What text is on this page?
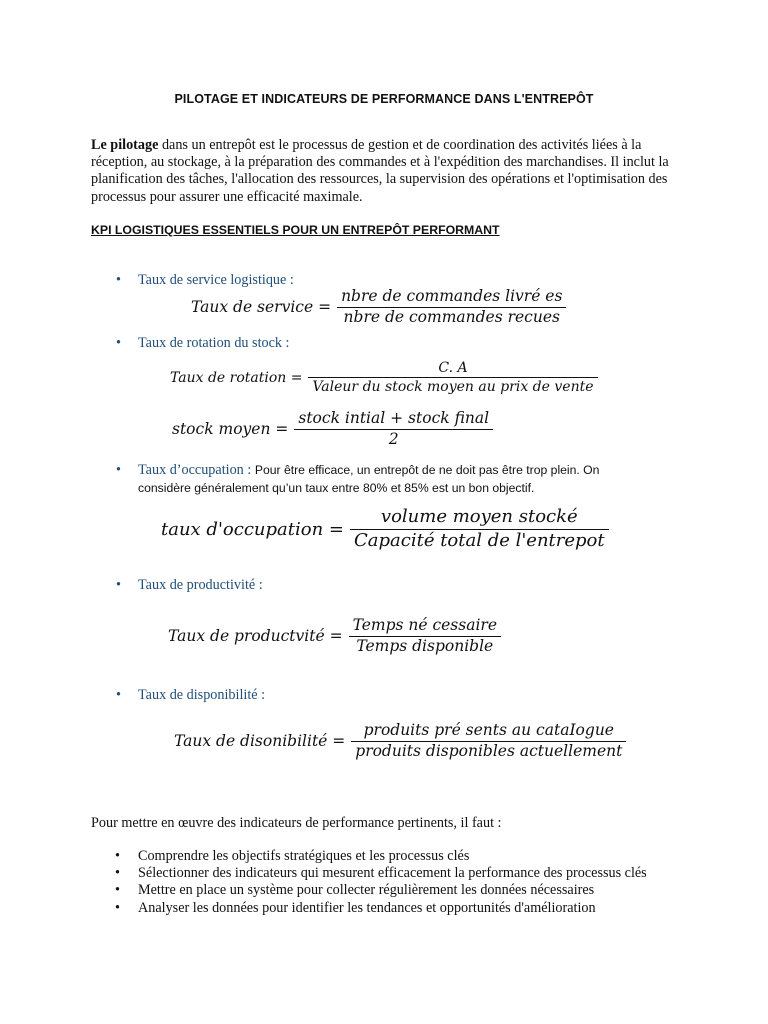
PILOTAGE ET INDICATEURS DE PERFORMANCE DANS L'ENTREPÔT
Le pilotage dans un entrepôt est le processus de gestion et de coordination des activités liées à la réception, au stockage, à la préparation des commandes et à l'expédition des marchandises. Il inclut la planification des tâches, l'allocation des ressources, la supervision des opérations et l'optimisation des processus pour assurer une efficacité maximale.
KPI LOGISTIQUES ESSENTIELS POUR UN ENTREPÔT PERFORMANT
• Taux de service logistique :
Taux de service = $\frac{\text{nbre de commandes livré es}}{\text{nbre de commandes recues}}$
• Taux de rotation du stock :
Taux de rotation = $\frac{C. A}{\text{Valeur du stock moyen au prix de vente}}$
stock moyen = $\frac{\text{stock intial + stock final}}{2}$
• Taux d’occupation : Pour être efficace, un entrepôt de ne doit pas être trop plein. On
considère généralement qu’un taux entre 80% et 85% est un bon objectif.
taux d'occupation = $\frac{\text{volume moyen stocké}}{\text{Capacité total de l'entrepot}}$
• Taux de productivité :
Taux de productvité = $\frac{\text{Temps né cessaire}}{\text{Temps disponible}}$
• Taux de disponibilité :
Taux de disonibilité = $\frac{\text{produits pré sents au cataIogue}}{\text{produits disponibles actuellement}}$
Pour mettre en œuvre des indicateurs de performance pertinents, il faut :
• Comprendre les objectifs stratégiques et les processus clés
• Sélectionner des indicateurs qui mesurent efficacement la performance des processus clés
• Mettre en place un système pour collecter régulièrement les données nécessaires
• Analyser les données pour identifier les tendances et opportunités d'amélioration
